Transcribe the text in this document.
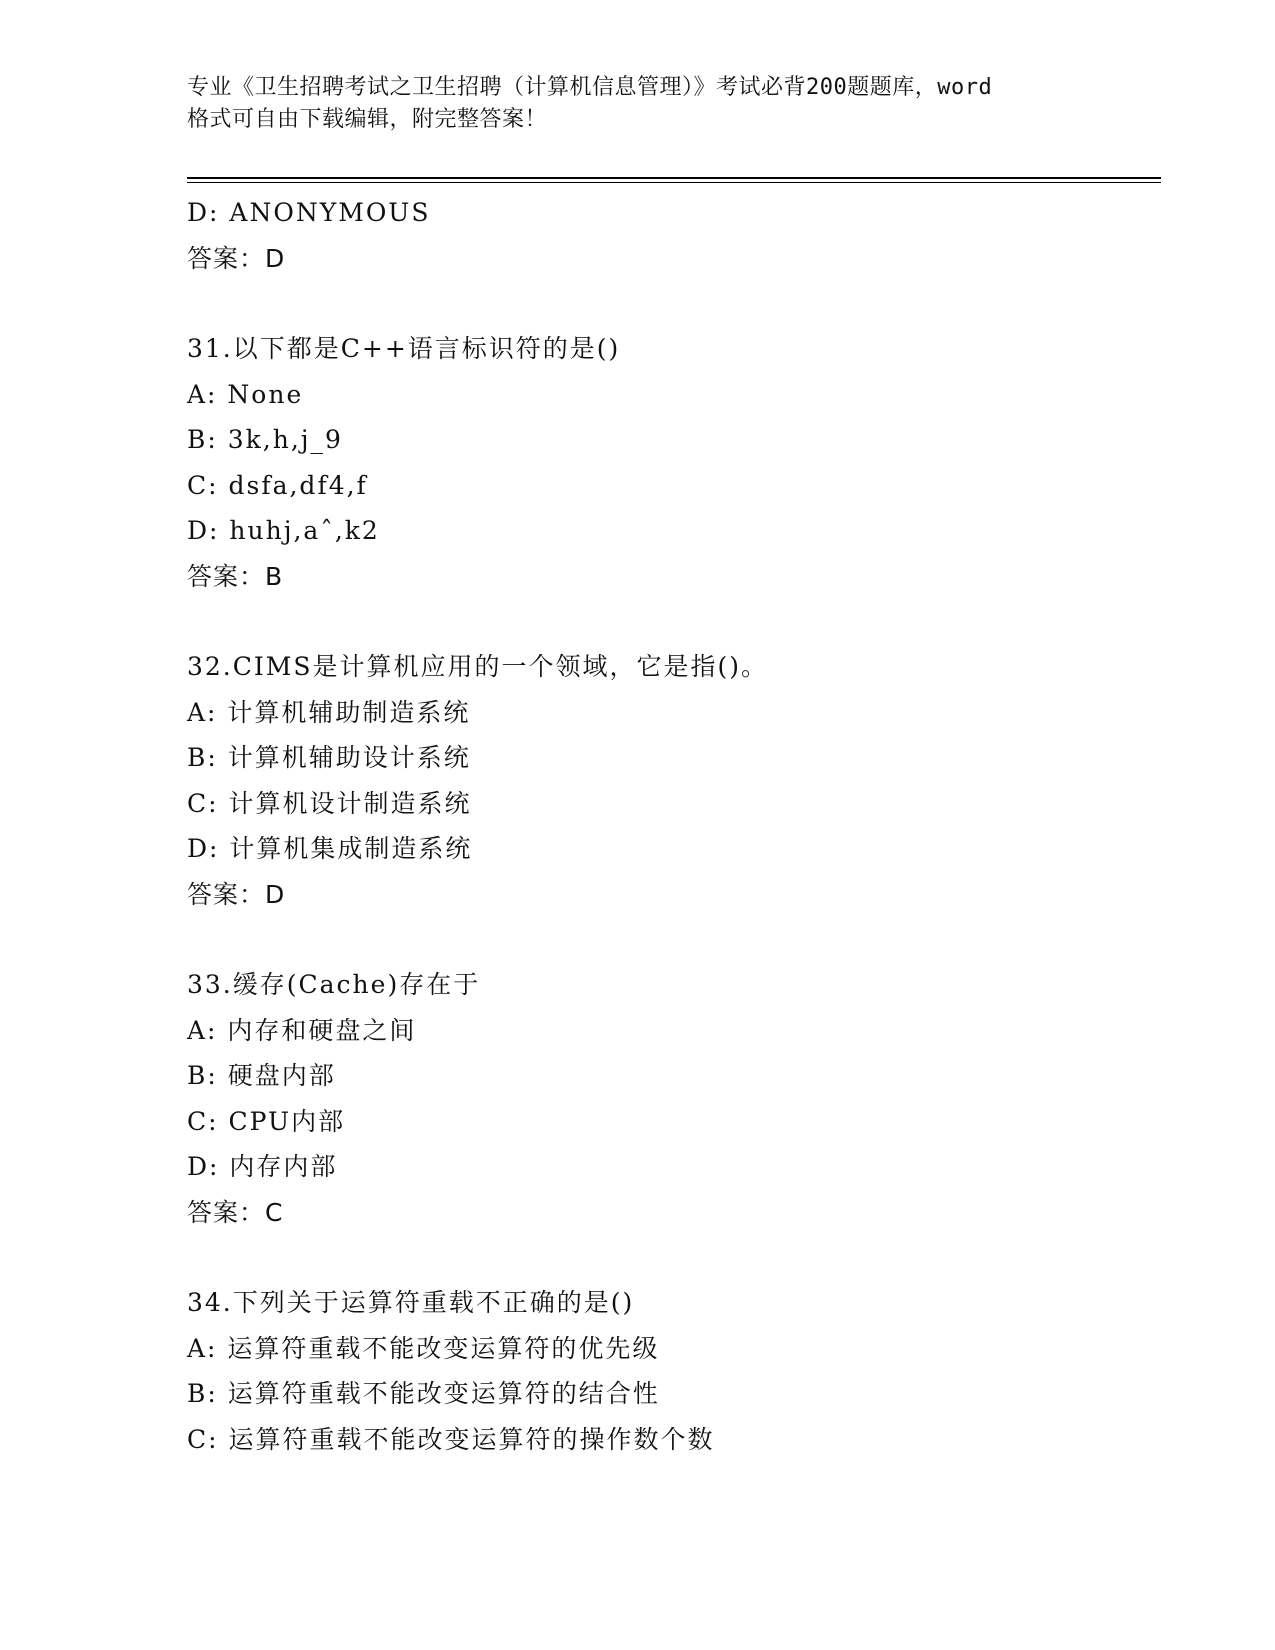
专业《卫生招聘考试之卫生招聘（计算机信息管理）》考试必背200题题库，word
格式可自由下载编辑，附完整答案！
D: ANONYMOUS
答案：D
31.以下都是C++语言标识符的是()
A: None
B: 3k,h,j_9
C: dsfa,df4,f
D: huhj,aˆ,k2
答案：B
32.CIMS是计算机应用的一个领域，它是指()。
A: 计算机辅助制造系统
B: 计算机辅助设计系统
C: 计算机设计制造系统
D: 计算机集成制造系统
答案：D
33.缓存(Cache)存在于
A: 内存和硬盘之间
B: 硬盘内部
C: CPU内部
D: 内存内部
答案：C
34.下列关于运算符重载不正确的是()
A: 运算符重载不能改变运算符的优先级
B: 运算符重载不能改变运算符的结合性
C: 运算符重载不能改变运算符的操作数个数
